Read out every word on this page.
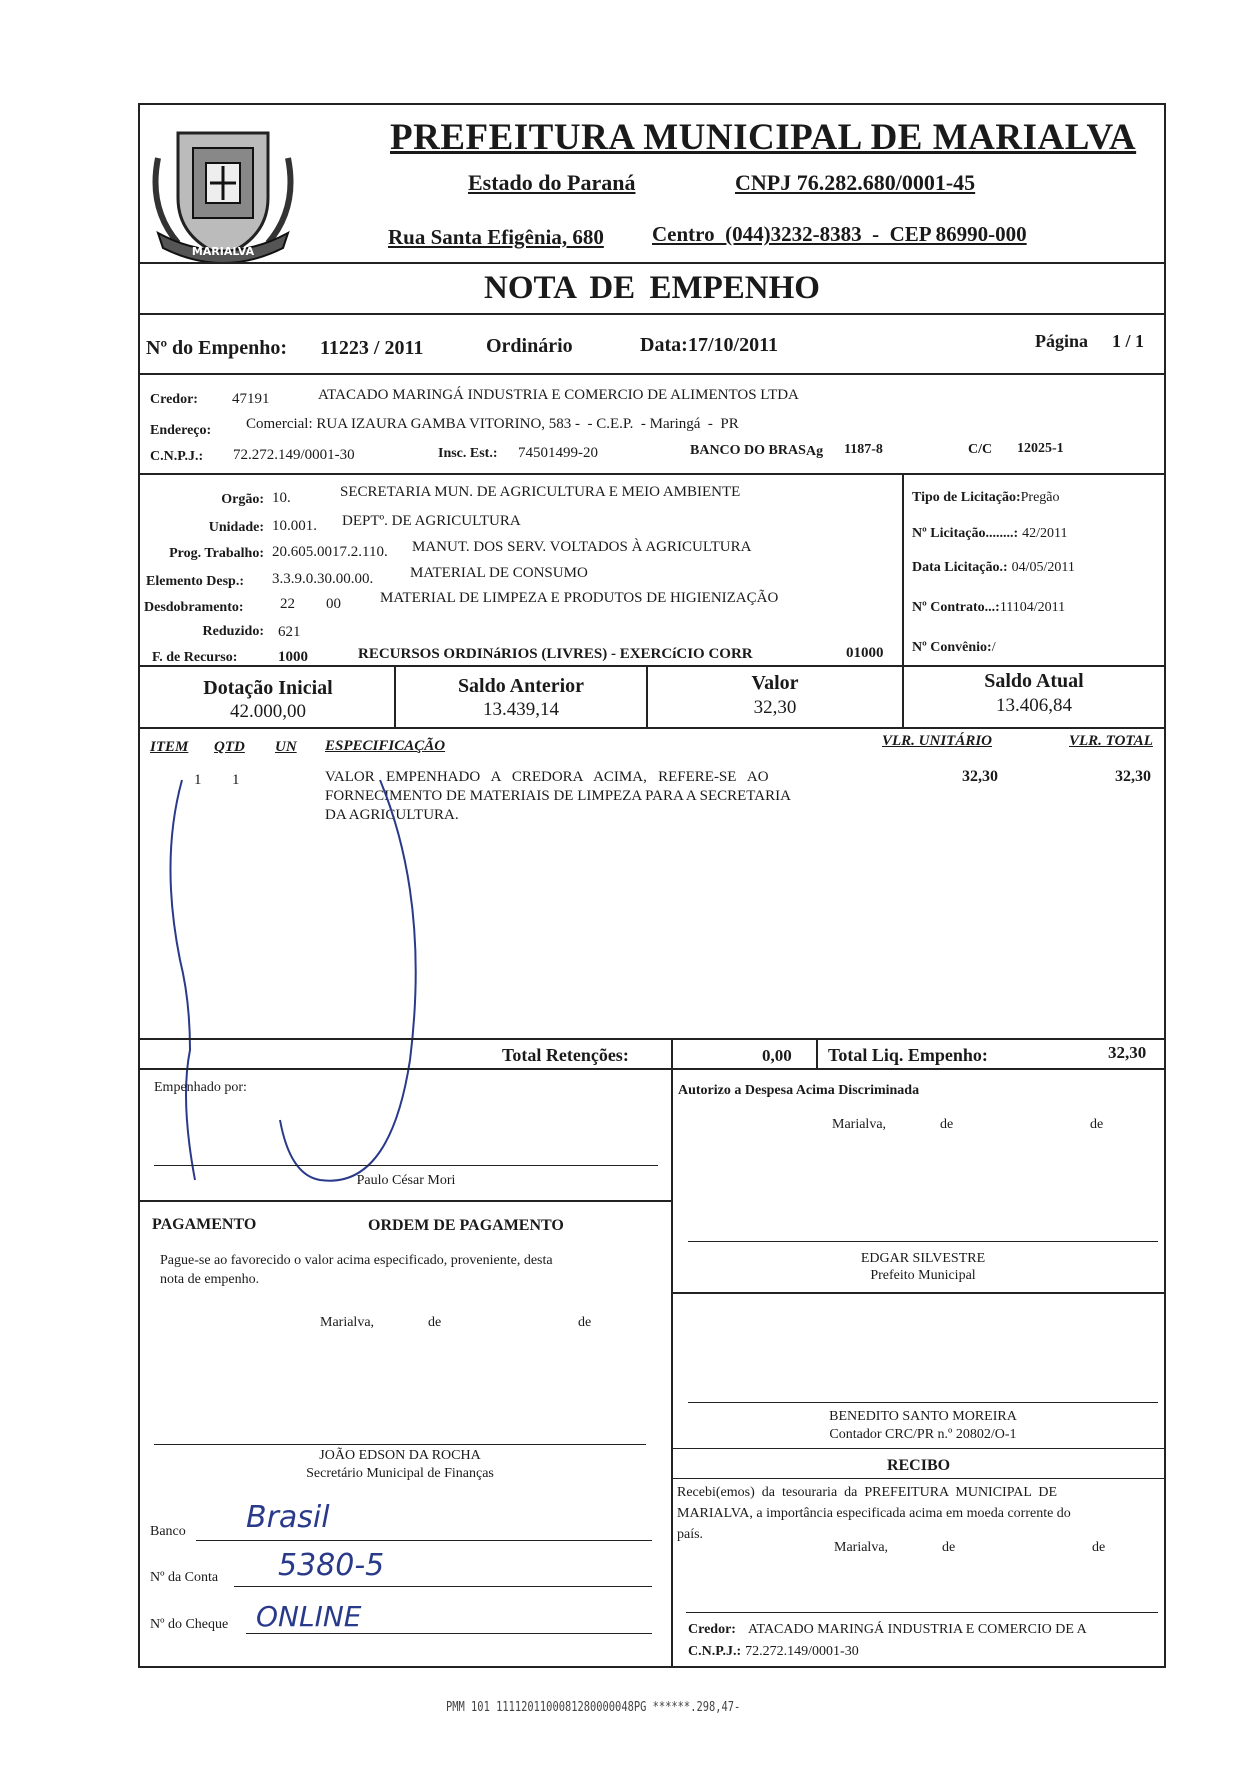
MARIALVA
PREFEITURA MUNICIPAL DE MARIALVA
Estado do Paraná	CNPJ 76.282.680/0001-45
Rua Santa Efigênia, 680 Centro  (044)3232-8383  -  CEP 86990-000
NOTA DE EMPENHO
Nº do Empenho: 11223 / 2011	Ordinário	Data: 17/10/2011	Página 1 / 1
Credor: 47191	ATACADO MARINGÁ INDUSTRIA E COMERCIO DE ALIMENTOS LTDA
Endereço: Comercial: RUA IZAURA GAMBA VITORINO, 583 -  - C.E.P.  - Maringá  -  PR
C.N.P.J.: 72.272.149/0001-30	Insc. Est.: 74501499-20	BANCO DO BRAS Ag 1187-8	C/C 12025-1
Orgão: 10.	SECRETARIA MUN. DE AGRICULTURA E MEIO AMBIENTE
Unidade: 10.001. DEPTº. DE AGRICULTURA
Prog. Trabalho: 20.605.0017.2.110. MANUT. DOS SERV. VOLTADOS À AGRICULTURA
Elemento Desp.: 3.3.9.0.30.00.00. MATERIAL DE CONSUMO
Desdobramento: 22 00	MATERIAL DE LIMPEZA E PRODUTOS DE HIGIENIZAÇÃO
Reduzido: 621
F. de Recurso:	1000	RECURSOS ORDINáRIOS (LIVRES) - EXERCíCIO CORR	01000
Tipo de Licitação:Pregão
Nº Licitação........: 42/2011
Data Licitação.: 04/05/2011
Nº Contrato...:11104/2011
Nº Convênio:/
Dotação Inicial
42.000,00
Saldo Anterior
13.439,14
Valor
32,30
Saldo Atual
13.406,84
ITEM QTD UN ESPECIFICAÇÃO	VLR. UNITÁRIO	VLR. TOTAL
1 1	VALOR   EMPENHADO   A   CREDORA   ACIMA,   REFERE-SE   AO
FORNECIMENTO DE MATERIAIS DE LIMPEZA PARA A SECRETARIA
DA AGRICULTURA.
32,30	32,30
Total Retenções:	0,00 Total Liq. Empenho:	32,30
Empenhado por:
Paulo César Mori
Autorizo a Despesa Acima Discriminada
Marialva,	de	de
EDGAR SILVESTRE
Prefeito Municipal
PAGAMENTO	ORDEM DE PAGAMENTO
Pague-se ao favorecido o valor acima especificado, proveniente, desta
nota de empenho.
Marialva,	de	de
JOÃO EDSON DA ROCHA
Secretário Municipal de Finanças
Banco Brasil
Nº da Conta 5380-5
Nº do Cheque ONLINE
BENEDITO SANTO MOREIRA
Contador CRC/PR n.º 20802/O-1
RECIBO
Recebi(emos)  da  tesouraria  da  PREFEITURA  MUNICIPAL  DE
MARIALVA, a importância especificada acima em moeda corrente do
país.
Marialva,	de	de
Credor: ATACADO MARINGÁ INDUSTRIA E COMERCIO DE A
C.N.P.J.: 72.272.149/0001-30
PMM 101 1111201100081280000048PG ******.298,47-
